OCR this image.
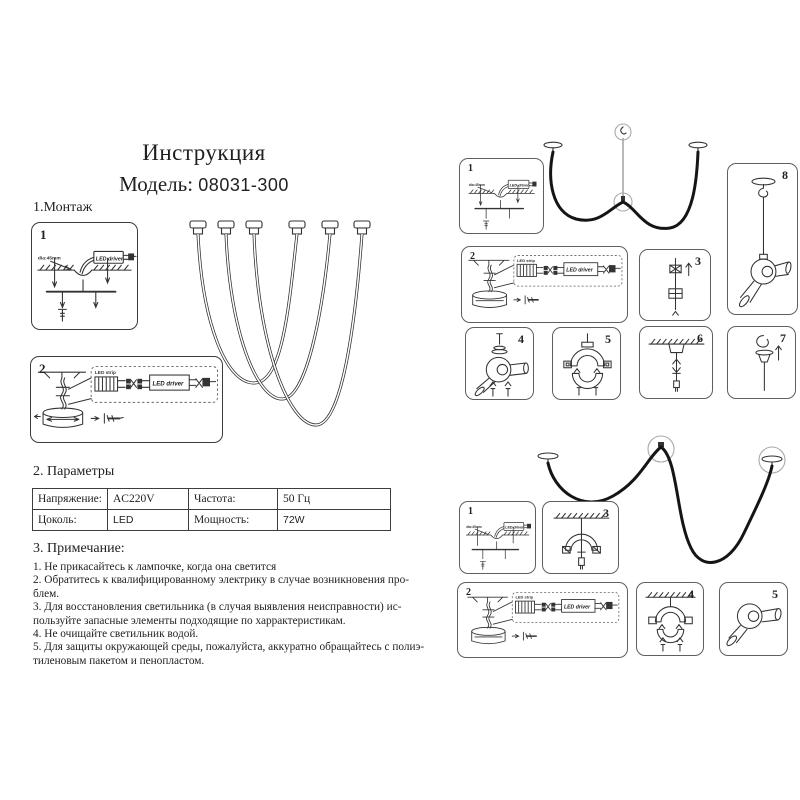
Инструкция
Модель: 08031-300
1.Монтаж
1
LED driver
dia:45mm
2	LED strip
LED driver
2. Параметры
Напряжение:	AC220V	Частота:	50 Гц
Цоколь:	LED	Мощность:	72W
3. Примечание:
1. Не прикасайтесь к лампочке, когда она светится
2. Обратитесь к квалифицированному электрику в случае возникновения про-
блем.
3. Для восстановления светильника (в случая выявления неисправности) ис-
пользуйте запасные элементы подходящие по харрактеристикам.
4. Не очищайте светильник водой.
5. Для защиты окружающей среды, пожалуйста, аккуратно обращайтесь с полиэ-
тиленовым пакетом и пенопластом.
1
LED driver
dia:45mm
8
2	LED strip
LED driver
3
4	5	6	7
1
LED driver
dia:45mm
3
2	LED strip
LED driver
4	5
